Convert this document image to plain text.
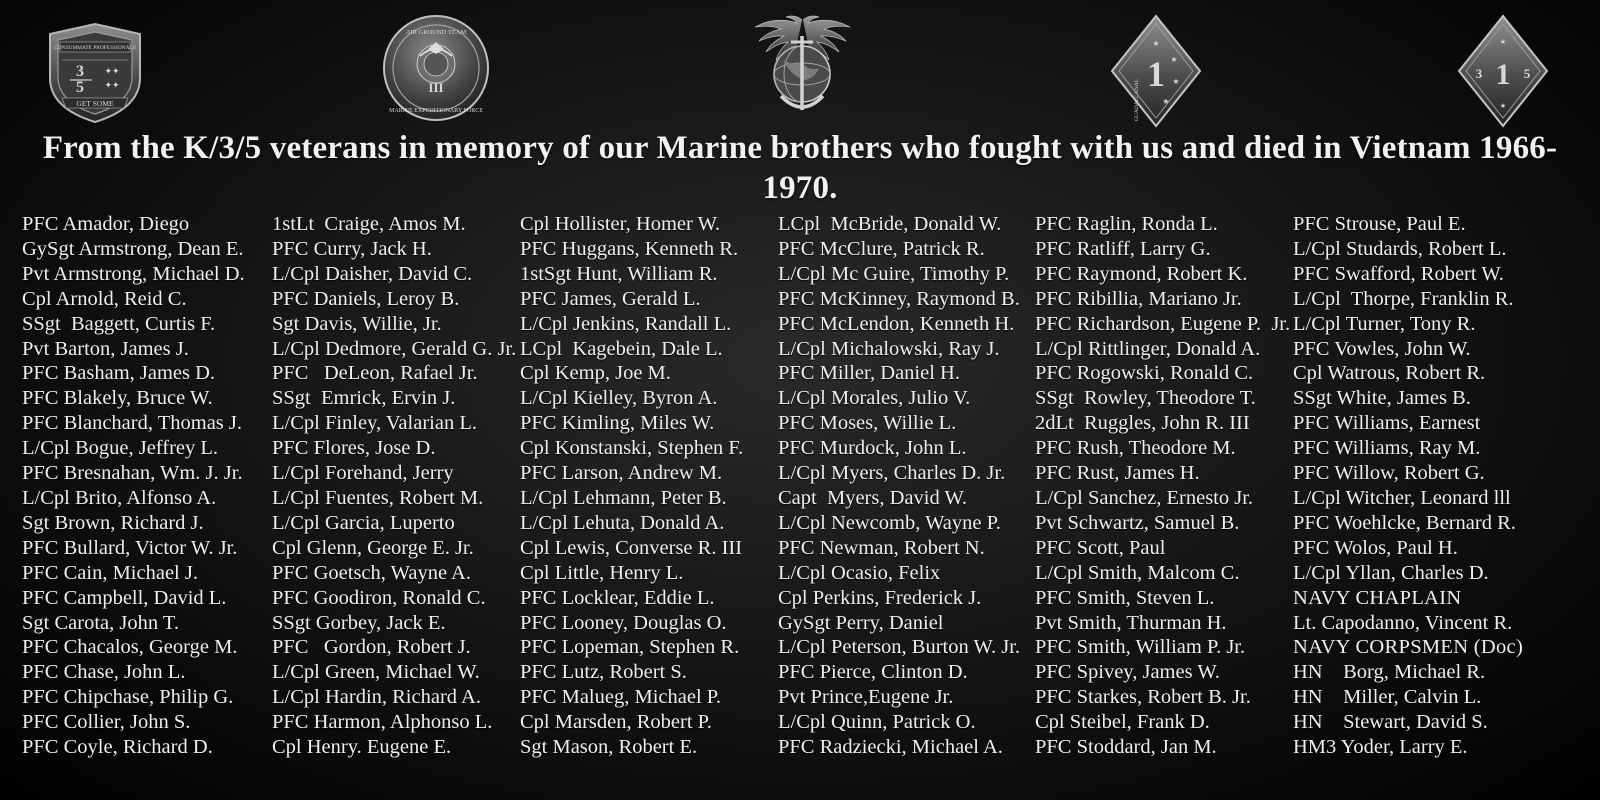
CONSUMMATE PROFESSIONALS
3
5
✦✦
✦✦
GET SOME
AIR GROUND TEAM
MARINE EXPEDITIONARY FORCE
III	1
★
★
★
★
GUADALCANAL
1
3	5
★
★
From the K/3/5 veterans in memory of our Marine brothers who fought with us and died in Vietnam 1966-1970.
PFC Amador, Diego
GySgt Armstrong, Dean E.
Pvt Armstrong, Michael D.
Cpl Arnold, Reid C.
SSgt  Baggett, Curtis F.
Pvt Barton, James J.
PFC Basham, James D.
PFC Blakely, Bruce W.
PFC Blanchard, Thomas J.
L/Cpl Bogue, Jeffrey L.
PFC Bresnahan, Wm. J. Jr.
L/Cpl Brito, Alfonso A.
Sgt Brown, Richard J.
PFC Bullard, Victor W. Jr.
PFC Cain, Michael J.
PFC Campbell, David L.
Sgt Carota, John T.
PFC Chacalos, George M.
PFC Chase, John L.
PFC Chipchase, Philip G.
PFC Collier, John S.
PFC Coyle, Richard D.
1stLt  Craige, Amos M.
PFC Curry, Jack H.
L/Cpl Daisher, David C.
PFC Daniels, Leroy B.
Sgt Davis, Willie, Jr.
L/Cpl Dedmore, Gerald G. Jr.
PFC   DeLeon, Rafael Jr.
SSgt  Emrick, Ervin J.
L/Cpl Finley, Valarian L.
PFC Flores, Jose D.
L/Cpl Forehand, Jerry
L/Cpl Fuentes, Robert M.
L/Cpl Garcia, Luperto
Cpl Glenn, George E. Jr.
PFC Goetsch, Wayne A.
PFC Goodiron, Ronald C.
SSgt Gorbey, Jack E.
PFC   Gordon, Robert J.
L/Cpl Green, Michael W.
L/Cpl Hardin, Richard A.
PFC Harmon, Alphonso L.
Cpl Henry. Eugene E.
Cpl Hollister, Homer W.
PFC Huggans, Kenneth R.
1stSgt Hunt, William R.
PFC James, Gerald L.
L/Cpl Jenkins, Randall L.
LCpl  Kagebein, Dale L.
Cpl Kemp, Joe M.
L/Cpl Kielley, Byron A.
PFC Kimling, Miles W.
Cpl Konstanski, Stephen F.
PFC Larson, Andrew M.
L/Cpl Lehmann, Peter B.
L/Cpl Lehuta, Donald A.
Cpl Lewis, Converse R. III
Cpl Little, Henry L.
PFC Locklear, Eddie L.
PFC Looney, Douglas O.
PFC Lopeman, Stephen R.
PFC Lutz, Robert S.
PFC Malueg, Michael P.
Cpl Marsden, Robert P.
Sgt Mason, Robert E.
LCpl  McBride, Donald W.
PFC McClure, Patrick R.
L/Cpl Mc Guire, Timothy P.
PFC McKinney, Raymond B.
PFC McLendon, Kenneth H.
L/Cpl Michalowski, Ray J.
PFC Miller, Daniel H.
L/Cpl Morales, Julio V.
PFC Moses, Willie L.
PFC Murdock, John L.
L/Cpl Myers, Charles D. Jr.
Capt  Myers, David W.
L/Cpl Newcomb, Wayne P.
PFC Newman, Robert N.
L/Cpl Ocasio, Felix
Cpl Perkins, Frederick J.
GySgt Perry, Daniel
L/Cpl Peterson, Burton W. Jr.
PFC Pierce, Clinton D.
Pvt Prince,Eugene Jr.
L/Cpl Quinn, Patrick O.
PFC Radziecki, Michael A.
PFC Raglin, Ronda L.
PFC Ratliff, Larry G.
PFC Raymond, Robert K.
PFC Ribillia, Mariano Jr.
PFC Richardson, Eugene P.  Jr.
L/Cpl Rittlinger, Donald A.
PFC Rogowski, Ronald C.
SSgt  Rowley, Theodore T.
2dLt  Ruggles, John R. III
PFC Rush, Theodore M.
PFC Rust, James H.
L/Cpl Sanchez, Ernesto Jr.
Pvt Schwartz, Samuel B.
PFC Scott, Paul
L/Cpl Smith, Malcom C.
PFC Smith, Steven L.
Pvt Smith, Thurman H.
PFC Smith, William P. Jr.
PFC Spivey, James W.
PFC Starkes, Robert B. Jr.
Cpl Steibel, Frank D.
PFC Stoddard, Jan M.
PFC Strouse, Paul E.
L/Cpl Studards, Robert L.
PFC Swafford, Robert W.
L/Cpl  Thorpe, Franklin R.
L/Cpl Turner, Tony R.
PFC Vowles, John W.
Cpl Watrous, Robert R.
SSgt White, James B.
PFC Williams, Earnest
PFC Williams, Ray M.
PFC Willow, Robert G.
L/Cpl Witcher, Leonard lll
PFC Woehlcke, Bernard R.
PFC Wolos, Paul H.
L/Cpl Yllan, Charles D.
NAVY CHAPLAIN
Lt. Capodanno, Vincent R.
NAVY CORPSMEN (Doc)
HN    Borg, Michael R.
HN    Miller, Calvin L.
HN    Stewart, David S.
HM3 Yoder, Larry E.
